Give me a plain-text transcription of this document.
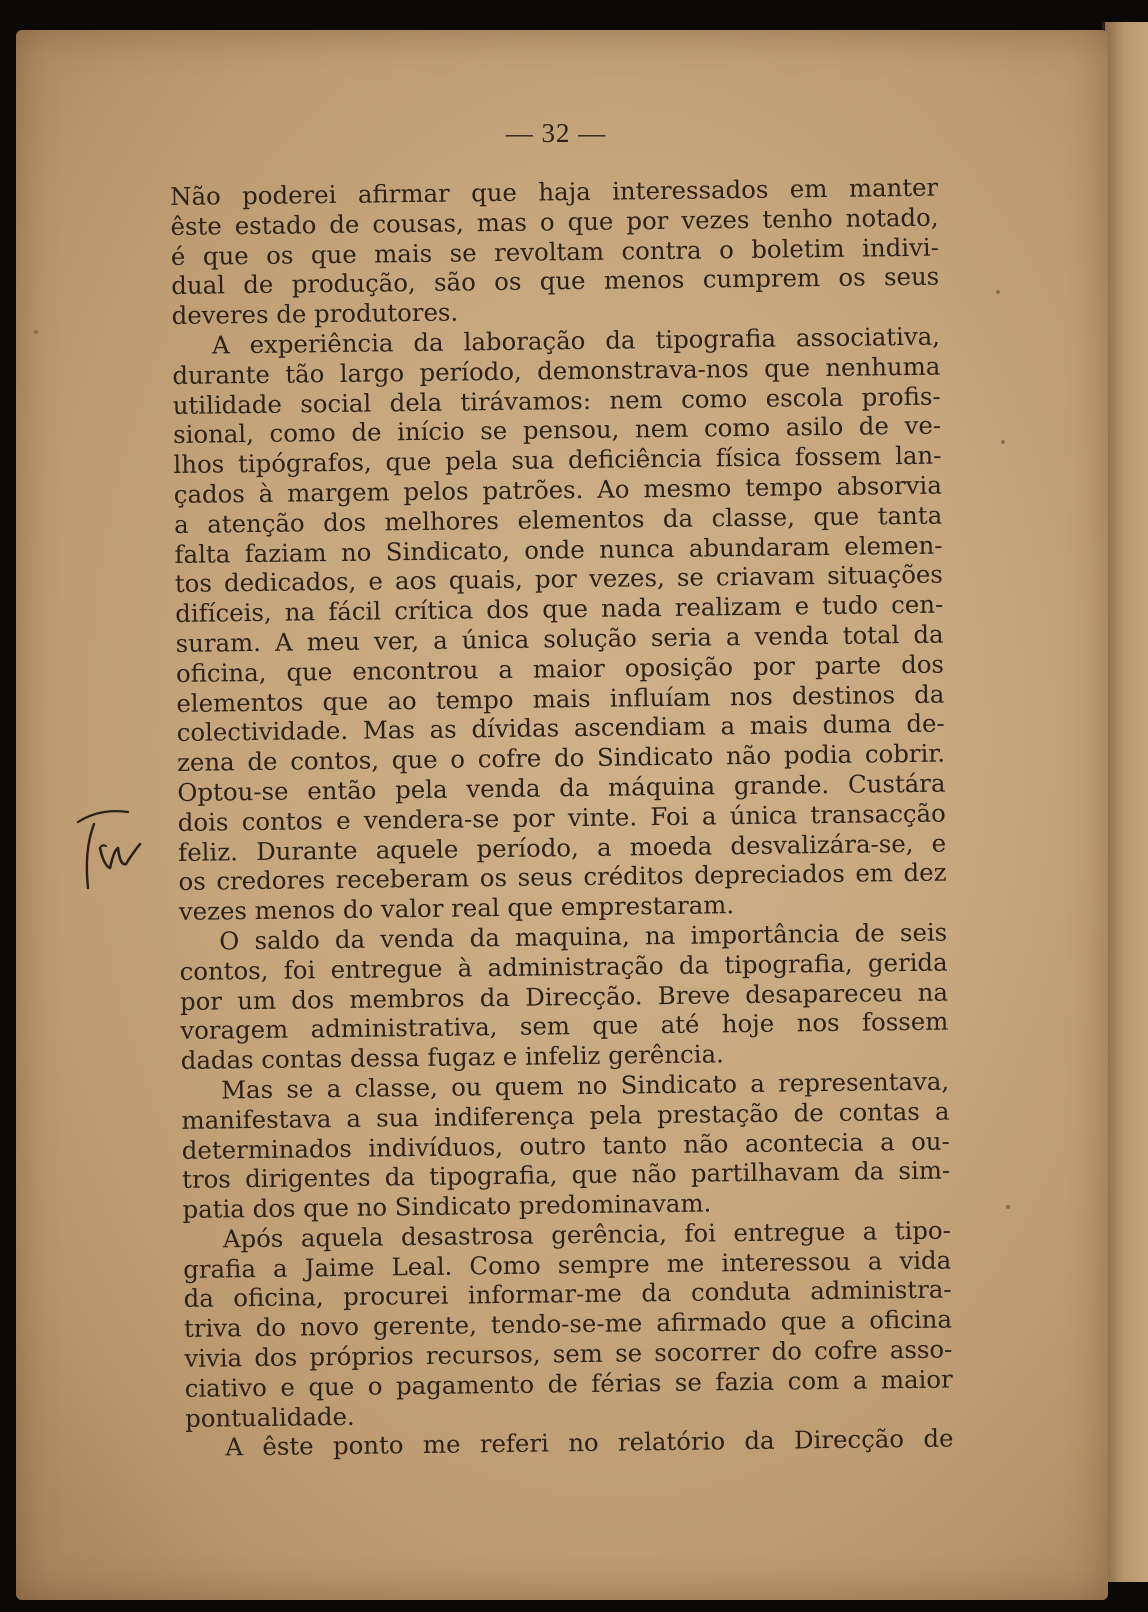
— 32 —
Não poderei afirmar que haja interessados em manter
êste estado de cousas, mas o que por vezes tenho notado,
é que os que mais se revoltam contra o boletim indivi-
dual de produção, são os que menos cumprem os seus
deveres de produtores.
A experiência da laboração da tipografia associativa,
durante tão largo período, demonstrava-nos que nenhuma
utilidade social dela tirávamos: nem como escola profis-
sional, como de início se pensou, nem como asilo de ve-
lhos tipógrafos, que pela sua deficiência física fossem lan-
çados à margem pelos patrões. Ao mesmo tempo absorvia
a atenção dos melhores elementos da classe, que tanta
falta faziam no Sindicato, onde nunca abundaram elemen-
tos dedicados, e aos quais, por vezes, se criavam situações
difíceis, na fácil crítica dos que nada realizam e tudo cen-
suram. A meu ver, a única solução seria a venda total da
oficina, que encontrou a maior oposição por parte dos
elementos que ao tempo mais influíam nos destinos da
colectividade. Mas as dívidas ascendiam a mais duma de-
zena de contos, que o cofre do Sindicato não podia cobrir.
Optou-se então pela venda da máquina grande. Custára
dois contos e vendera-se por vinte. Foi a única transacção
feliz. Durante aquele período, a moeda desvalizára-se, e
os credores receberam os seus créditos depreciados em dez
vezes menos do valor real que emprestaram.
O saldo da venda da maquina, na importância de seis
contos, foi entregue à administração da tipografia, gerida
por um dos membros da Direcção. Breve desapareceu na
voragem administrativa, sem que até hoje nos fossem
dadas contas dessa fugaz e infeliz gerência.
Mas se a classe, ou quem no Sindicato a representava,
manifestava a sua indiferença pela prestação de contas a
determinados indivíduos, outro tanto não acontecia a ou-
tros dirigentes da tipografia, que não partilhavam da sim-
patia dos que no Sindicato predominavam.
Após aquela desastrosa gerência, foi entregue a tipo-
grafia a Jaime Leal. Como sempre me interessou a vida
da oficina, procurei informar-me da conduta administra-
triva do novo gerente, tendo-se-me afirmado que a oficina
vivia dos próprios recursos, sem se socorrer do cofre asso-
ciativo e que o pagamento de férias se fazia com a maior
pontualidade.
A êste ponto me referi no relatório da Direcção de
